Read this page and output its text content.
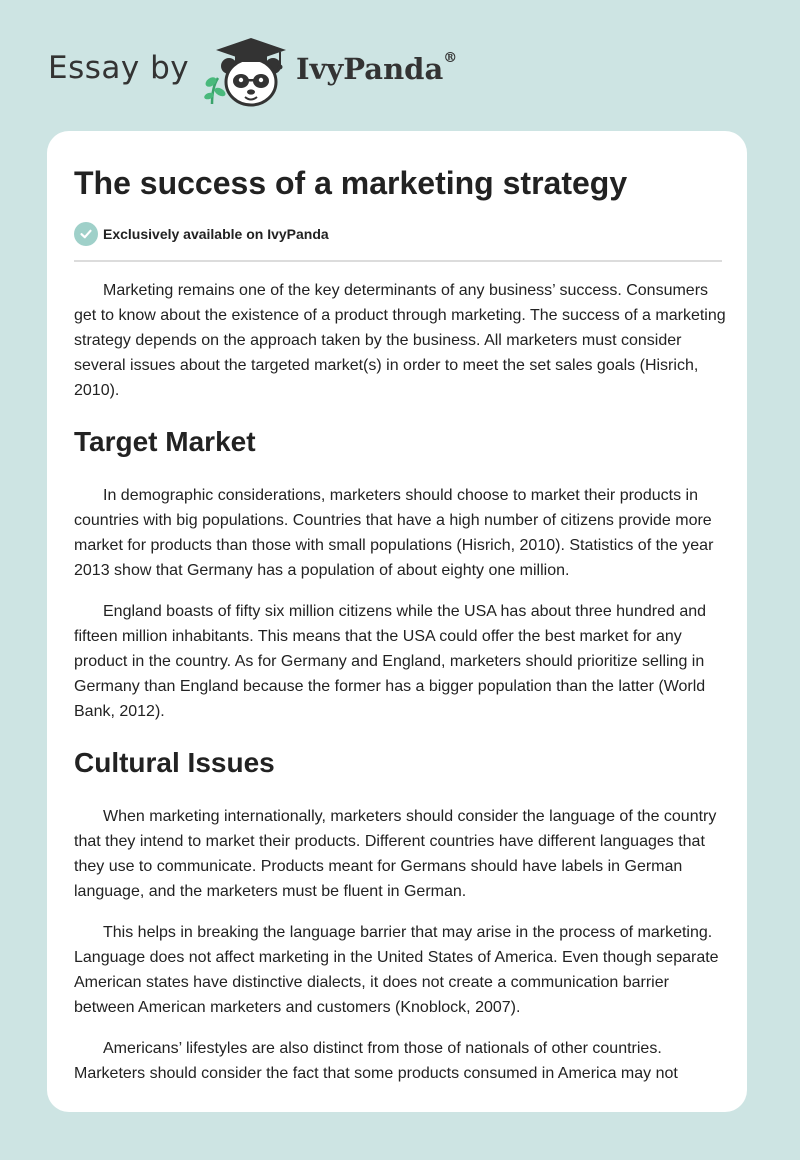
Essay by	IvyPanda®
The success of a marketing strategy
Exclusively available on IvyPanda

Marketing remains one of the key determinants of any business’ success. Consumers get to know about the existence of a product through marketing. The success of a marketing strategy depends on the approach taken by the business. All marketers must consider several issues about the targeted market(s) in order to meet the set sales goals (Hisrich, 2010).

Target Market

In demographic considerations, marketers should choose to market their products in countries with big populations. Countries that have a high number of citizens provide more market for products than those with small populations (Hisrich, 2010). Statistics of the year 2013 show that Germany has a population of about eighty one million.

England boasts of fifty six million citizens while the USA has about three hundred and fifteen million inhabitants. This means that the USA could offer the best market for any product in the country. As for Germany and England, marketers should prioritize selling in Germany than England because the former has a bigger population than the latter (World Bank, 2012).

Cultural Issues

When marketing internationally, marketers should consider the language of the country that they intend to market their products. Different countries have different languages that they use to communicate. Products meant for Germans should have labels in German language, and the marketers must be fluent in German.

This helps in breaking the language barrier that may arise in the process of marketing. Language does not affect marketing in the United States of America. Even though separate American states have distinctive dialects, it does not create a communication barrier between American marketers and customers (Knoblock, 2007).

Americans’ lifestyles are also distinct from those of nationals of other countries. Marketers should consider the fact that some products consumed in America may not
